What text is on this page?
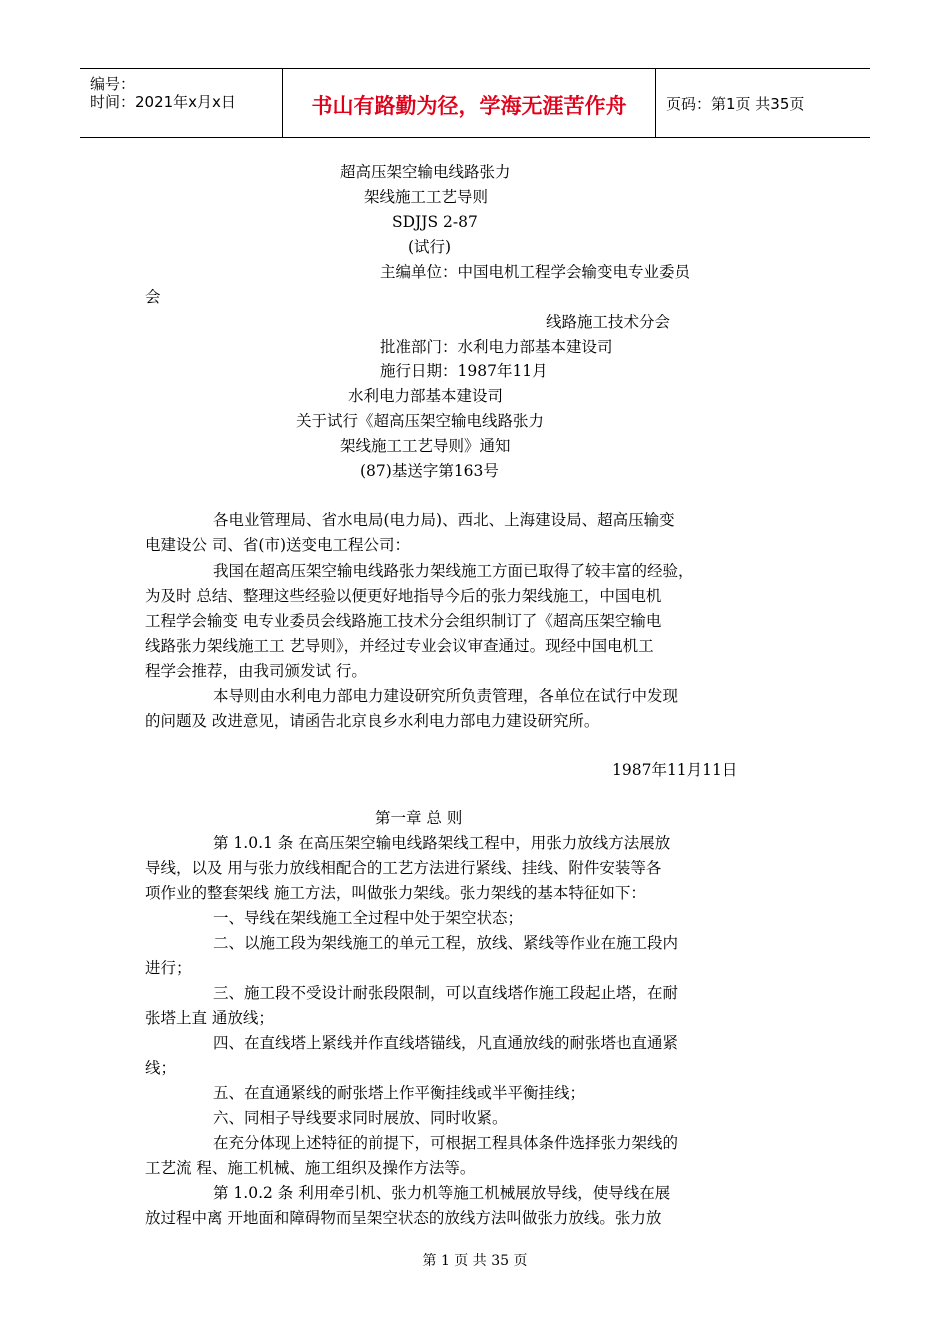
编号：
时间：2021年x月x日	书山有路勤为径，学海无涯苦作舟	页码：第1页 共35页
超高压架空输电线路张力
架线施工工艺导则
SDJJS 2-87
(试行)
主编单位：中国电机工程学会输变电专业委员
会
线路施工技术分会
批准部门：水利电力部基本建设司
施行日期：1987年11月
水利电力部基本建设司
关于试行《超高压架空输电线路张力
架线施工工艺导则》通知
(87)基送字第163号
各电业管理局、省水电局(电力局)、西北、上海建设局、超高压输变
电建设公 司、省(市)送变电工程公司：
我国在超高压架空输电线路张力架线施工方面已取得了较丰富的经验，
为及时 总结、整理这些经验以便更好地指导今后的张力架线施工，中国电机
工程学会输变 电专业委员会线路施工技术分会组织制订了《超高压架空输电
线路张力架线施工工 艺导则》，并经过专业会议审查通过。现经中国电机工
程学会推荐，由我司颁发试 行。
本导则由水利电力部电力建设研究所负责管理，各单位在试行中发现
的问题及 改进意见，请函告北京良乡水利电力部电力建设研究所。
1987年11月11日
第一章 总 则
第 1.0.1 条 在高压架空输电线路架线工程中，用张力放线方法展放
导线，以及 用与张力放线相配合的工艺方法进行紧线、挂线、附件安装等各
项作业的整套架线 施工方法，叫做张力架线。张力架线的基本特征如下：
一、导线在架线施工全过程中处于架空状态；
二、以施工段为架线施工的单元工程，放线、紧线等作业在施工段内
进行；
三、施工段不受设计耐张段限制，可以直线塔作施工段起止塔，在耐
张塔上直 通放线；
四、在直线塔上紧线并作直线塔锚线，凡直通放线的耐张塔也直通紧
线；
五、在直通紧线的耐张塔上作平衡挂线或半平衡挂线；
六、同相子导线要求同时展放、同时收紧。
在充分体现上述特征的前提下，可根据工程具体条件选择张力架线的
工艺流 程、施工机械、施工组织及操作方法等。
第 1.0.2 条 利用牵引机、张力机等施工机械展放导线，使导线在展
放过程中离 开地面和障碍物而呈架空状态的放线方法叫做张力放线。张力放
第 1 页 共 35 页
